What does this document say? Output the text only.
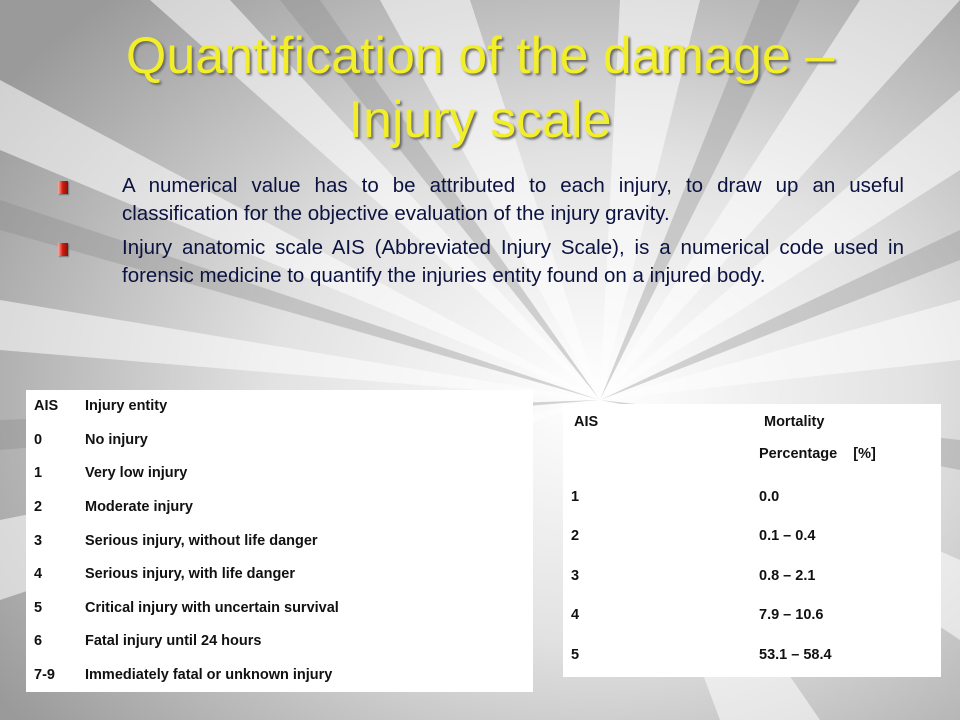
Quantification of the damage –
Injury scale
A numerical value has to be attributed to each injury, to draw up an useful classification for the objective evaluation of the injury gravity.
Injury anatomic scale AIS (Abbreviated Injury Scale), is a numerical code used in forensic medicine to quantify the injuries entity found on a injured body.
AIS Injury entity
0	No injury
1	Very low injury
2	Moderate injury
3	Serious injury, without life danger
4	Serious injury, with life danger
5	Critical injury with uncertain survival
6	Fatal injury until 24 hours
7-9 Immediately fatal or unknown injury
AIS	Mortality
Percentage    [%]
1	0.0
2	0.1 – 0.4
3	0.8 – 2.1
4	7.9 – 10.6
5	53.1 – 58.4
